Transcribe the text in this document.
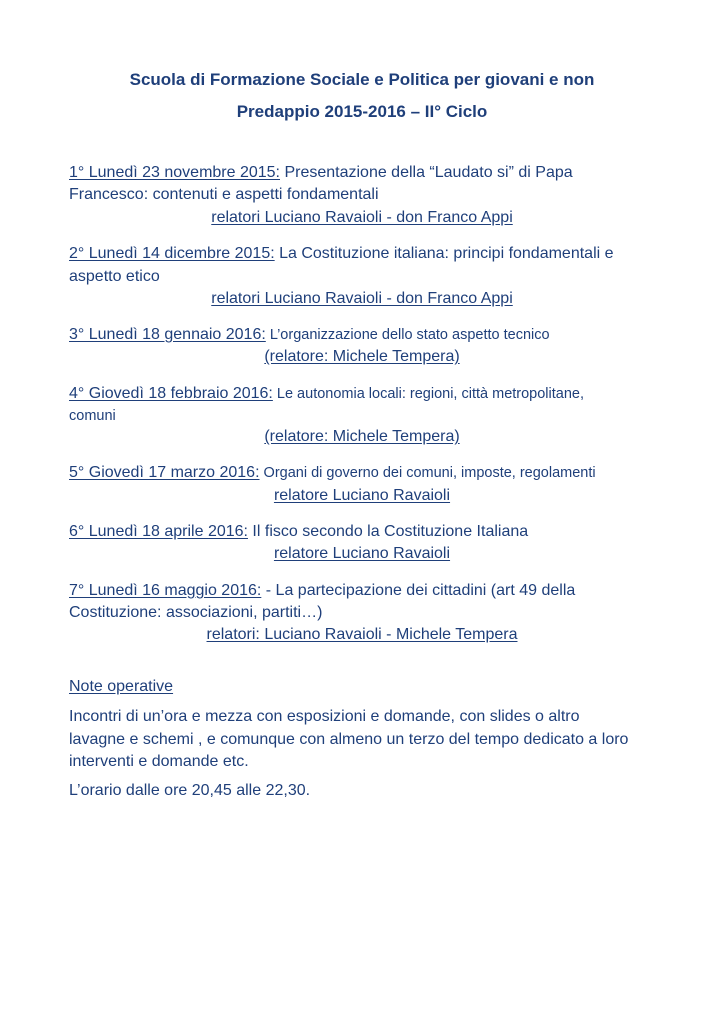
Scuola di Formazione Sociale e Politica per giovani e non
Predappio 2015-2016 – II° Ciclo
1° Lunedì 23 novembre 2015: Presentazione della “Laudato si” di Papa
Francesco: contenuti e aspetti fondamentali
relatori Luciano Ravaioli - don Franco Appi
2° Lunedì 14 dicembre 2015: La Costituzione italiana: principi fondamentali e
aspetto etico
relatori Luciano Ravaioli - don Franco Appi
3° Lunedì 18 gennaio 2016: L’organizzazione dello stato aspetto tecnico
(relatore: Michele Tempera)
4° Giovedì 18 febbraio 2016: Le autonomia locali: regioni, città metropolitane,
comuni
(relatore: Michele Tempera)
5° Giovedì 17 marzo 2016: Organi di governo dei comuni, imposte, regolamenti
relatore Luciano Ravaioli
6° Lunedì 18 aprile 2016: Il fisco secondo la Costituzione Italiana
relatore Luciano Ravaioli
7° Lunedì 16 maggio 2016: - La partecipazione dei cittadini (art 49 della
Costituzione: associazioni, partiti…)
relatori: Luciano Ravaioli - Michele Tempera
Note operative
Incontri di un’ora e mezza con esposizioni e domande, con slides o altro
lavagne e schemi , e comunque con almeno un terzo del tempo dedicato a loro
interventi e domande etc.
L’orario dalle ore 20,45 alle 22,30.
